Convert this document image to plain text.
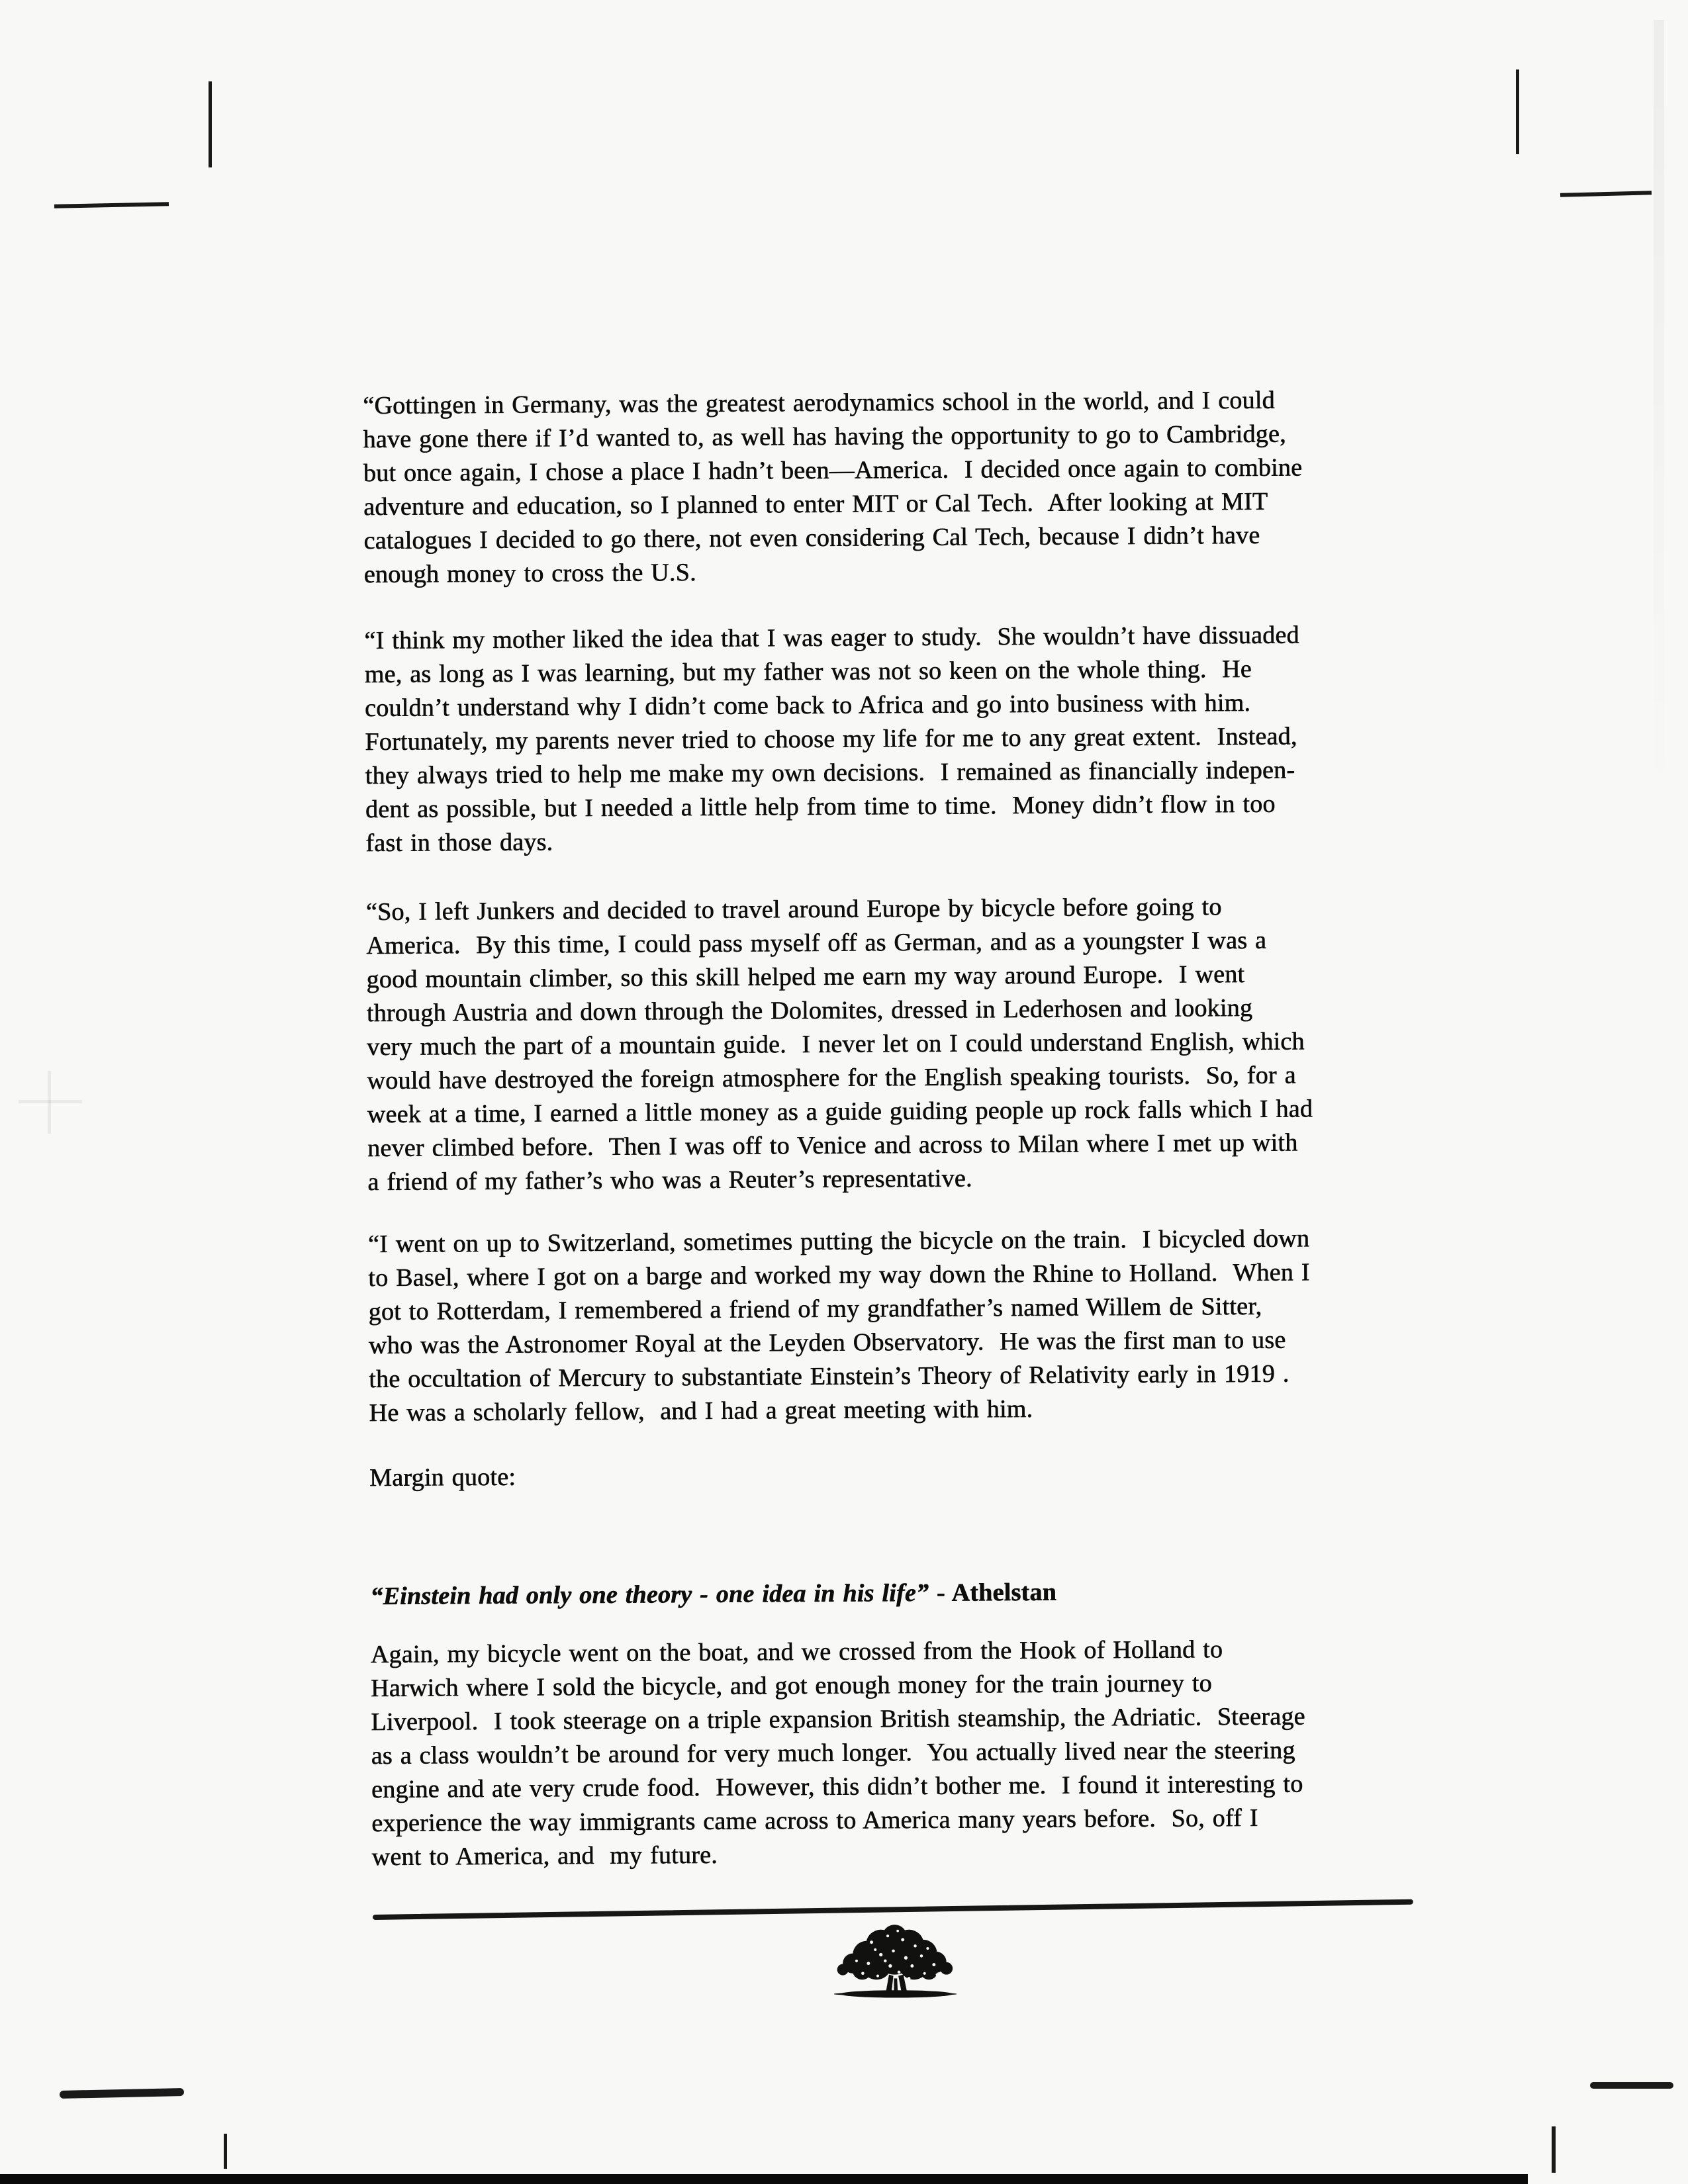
“Gottingen in Germany, was the greatest aerodynamics school in the world, and I could
have gone there if I’d wanted to, as well has having the opportunity to go to Cambridge,
but once again, I chose a place I hadn’t been—America.  I decided once again to combine
adventure and education, so I planned to enter MIT or Cal Tech.  After looking at MIT
catalogues I decided to go there, not even considering Cal Tech, because I didn’t have
enough money to cross the U.S.

“I think my mother liked the idea that I was eager to study.  She wouldn’t have dissuaded
me, as long as I was learning, but my father was not so keen on the whole thing.  He
couldn’t understand why I didn’t come back to Africa and go into business with him.
Fortunately, my parents never tried to choose my life for me to any great extent.  Instead,
they always tried to help me make my own decisions.  I remained as financially indepen-
dent as possible, but I needed a little help from time to time.  Money didn’t flow in too
fast in those days.

“So, I left Junkers and decided to travel around Europe by bicycle before going to
America.  By this time, I could pass myself off as German, and as a youngster I was a
good mountain climber, so this skill helped me earn my way around Europe.  I went
through Austria and down through the Dolomites, dressed in Lederhosen and looking
very much the part of a mountain guide.  I never let on I could understand English, which
would have destroyed the foreign atmosphere for the English speaking tourists.  So, for a
week at a time, I earned a little money as a guide guiding people up rock falls which I had
never climbed before.  Then I was off to Venice and across to Milan where I met up with
a friend of my father’s who was a Reuter’s representative.

“I went on up to Switzerland, sometimes putting the bicycle on the train.  I bicycled down
to Basel, where I got on a barge and worked my way down the Rhine to Holland.  When I
got to Rotterdam, I remembered a friend of my grandfather’s named Willem de Sitter,
who was the Astronomer Royal at the Leyden Observatory.  He was the first man to use
the occultation of Mercury to substantiate Einstein’s Theory of Relativity early in 1919 .
He was a scholarly fellow,  and I had a great meeting with him.

Margin quote:

“Einstein had only one theory - one idea in his life” - Athelstan

Again, my bicycle went on the boat, and we crossed from the Hook of Holland to
Harwich where I sold the bicycle, and got enough money for the train journey to
Liverpool.  I took steerage on a triple expansion British steamship, the Adriatic.  Steerage
as a class wouldn’t be around for very much longer.  You actually lived near the steering
engine and ate very crude food.  However, this didn’t bother me.  I found it interesting to
experience the way immigrants came across to America many years before.  So, off I
went to America, and  my future.
